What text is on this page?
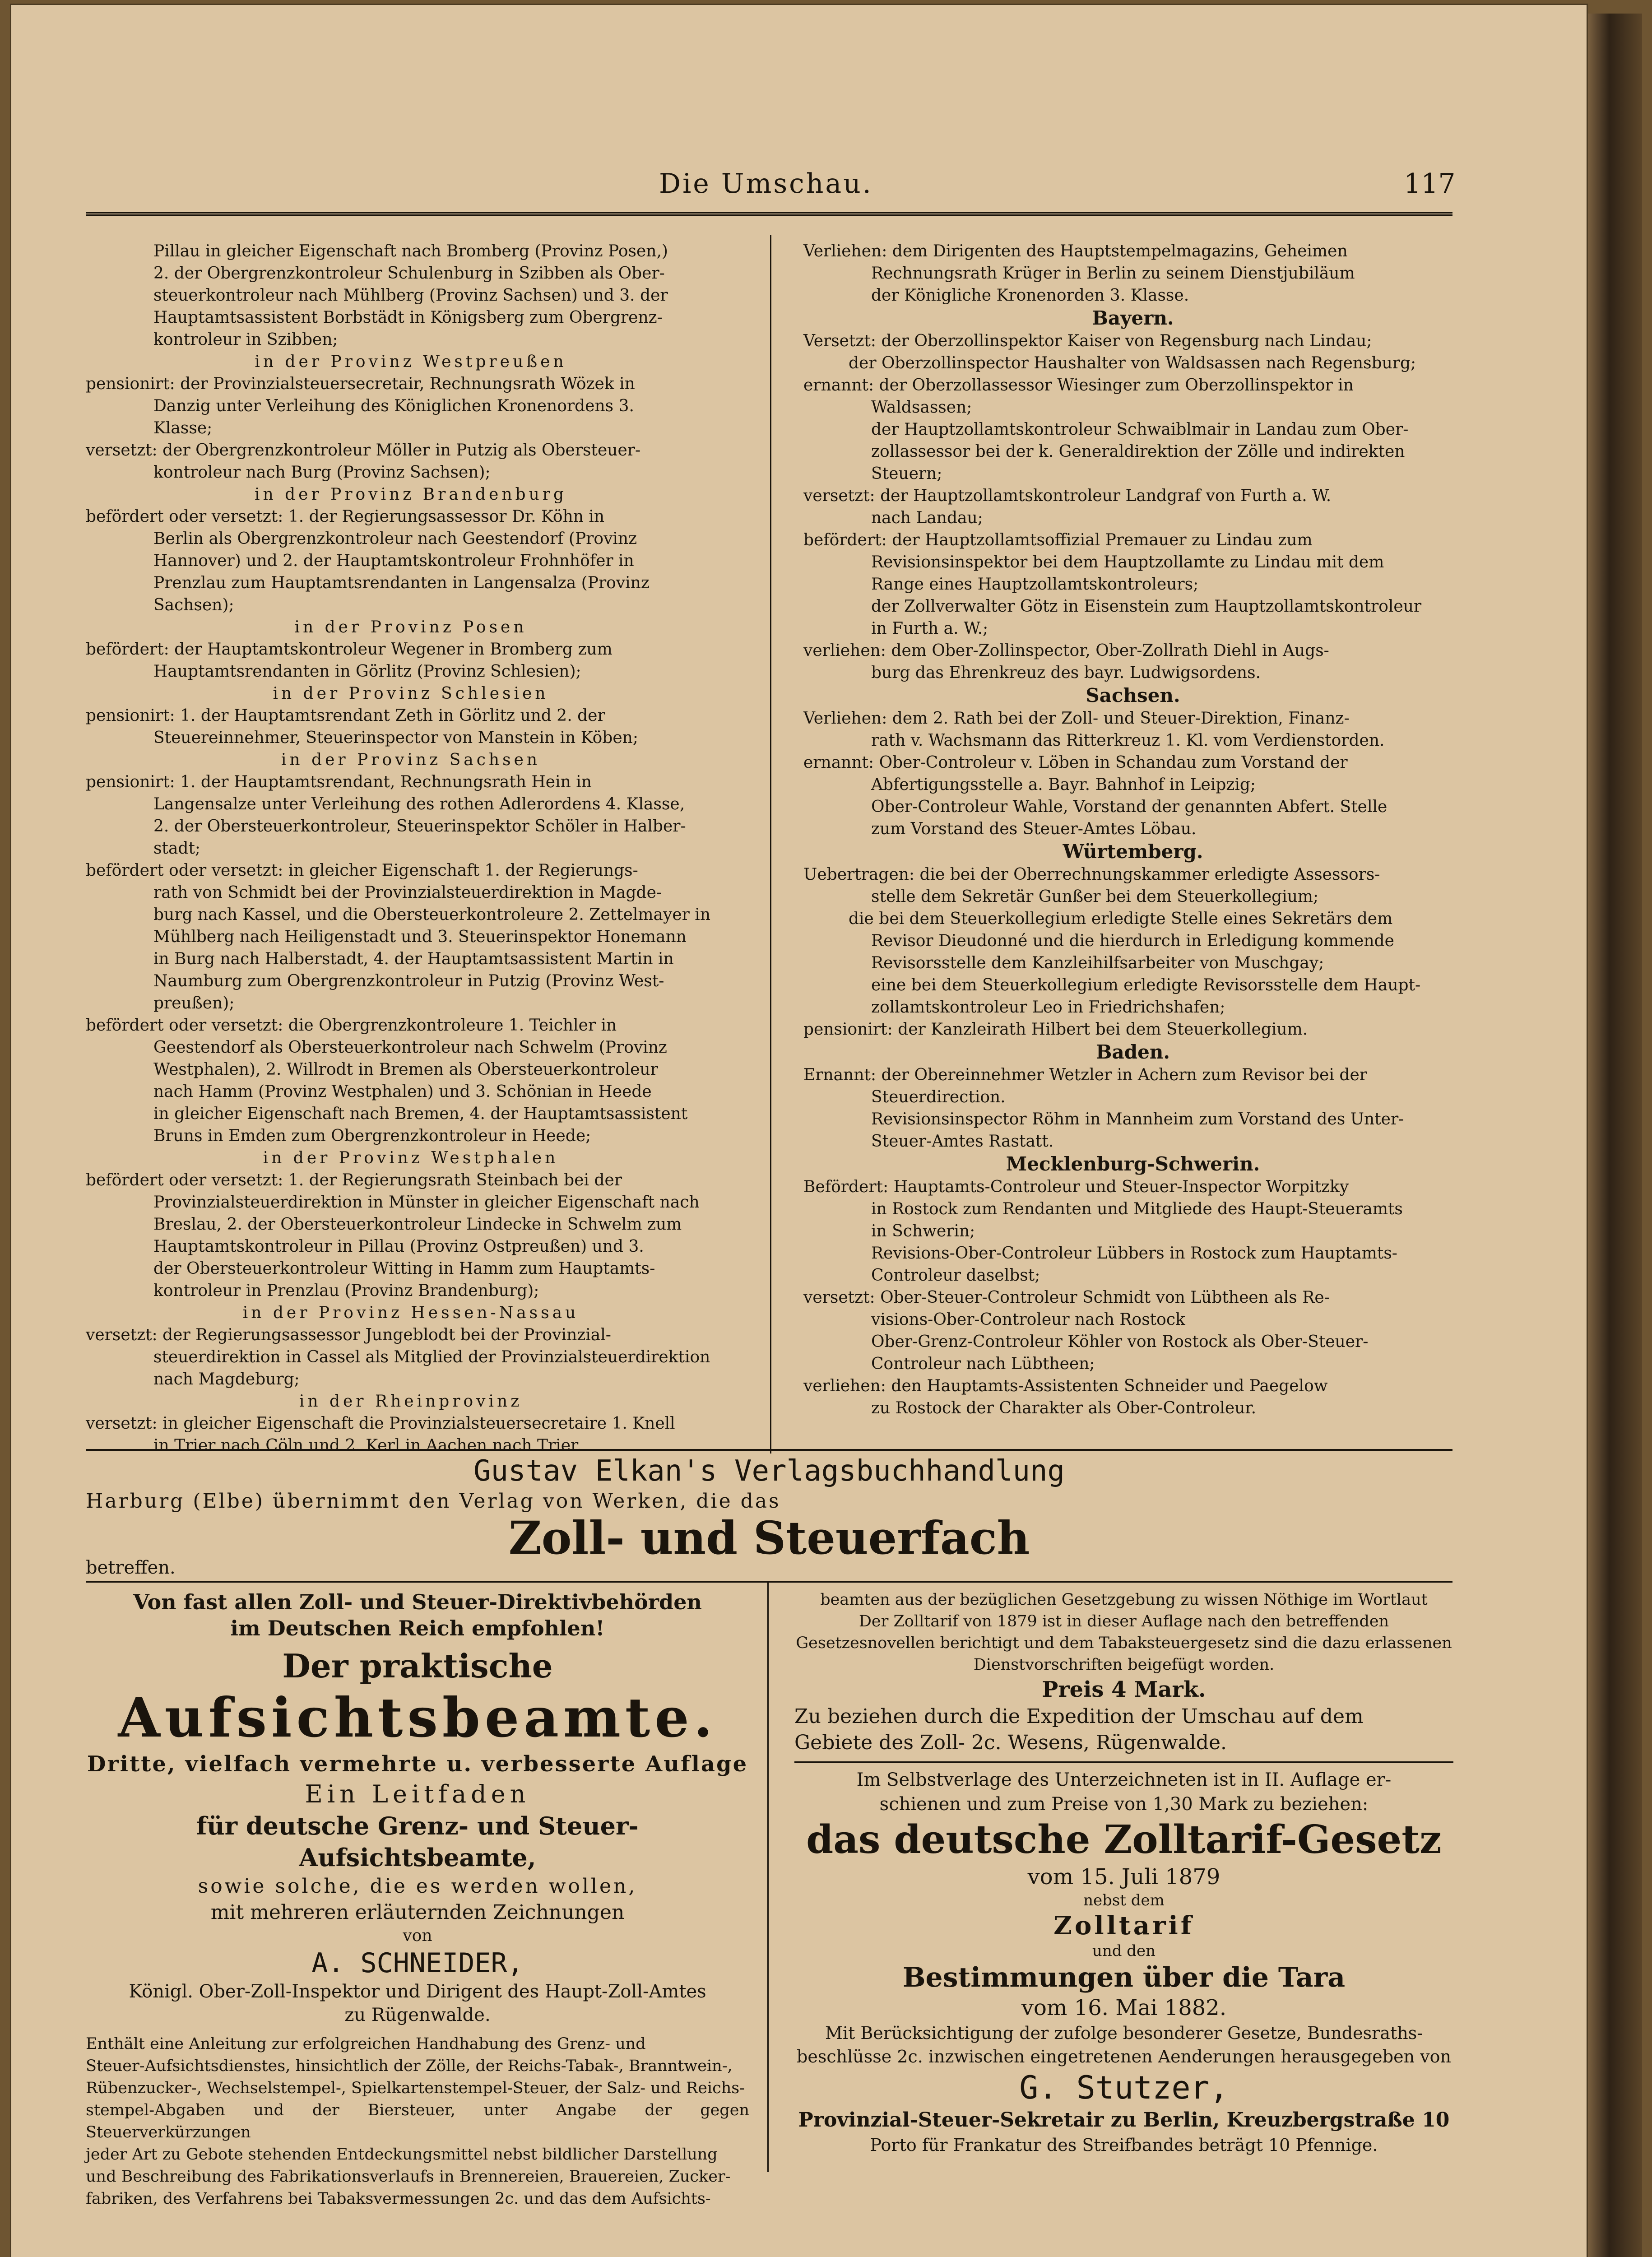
Die Umschau.	117

Pillau in gleicher Eigenschaft nach Bromberg (Provinz Posen,)

2. der Obergrenzkontroleur Schulenburg in Szibben als Ober-

steuerkontroleur nach Mühlberg (Provinz Sachsen) und 3. der

Hauptamtsassistent Borbstädt in Königsberg zum Obergrenz-

kontroleur in Szibben;

in der Provinz Westpreußen

pensionirt: der Provinzialsteuersecretair, Rechnungsrath Wözek in

Danzig unter Verleihung des Königlichen Kronenordens 3.

Klasse;

versetzt: der Obergrenzkontroleur Möller in Putzig als Obersteuer-

kontroleur nach Burg (Provinz Sachsen);

in der Provinz Brandenburg

befördert oder versetzt: 1. der Regierungsassessor Dr. Köhn in

Berlin als Obergrenzkontroleur nach Geestendorf (Provinz

Hannover) und 2. der Hauptamtskontroleur Frohnhöfer in

Prenzlau zum Hauptamtsrendanten in Langensalza (Provinz

Sachsen);

in der Provinz Posen

befördert: der Hauptamtskontroleur Wegener in Bromberg zum

Hauptamtsrendanten in Görlitz (Provinz Schlesien);

in der Provinz Schlesien

pensionirt: 1. der Hauptamtsrendant Zeth in Görlitz und 2. der

Steuereinnehmer, Steuerinspector von Manstein in Köben;

in der Provinz Sachsen

pensionirt: 1. der Hauptamtsrendant, Rechnungsrath Hein in

Langensalze unter Verleihung des rothen Adlerordens 4. Klasse,

2. der Obersteuerkontroleur, Steuerinspektor Schöler in Halber-

stadt;

befördert oder versetzt: in gleicher Eigenschaft 1. der Regierungs-

rath von Schmidt bei der Provinzialsteuerdirektion in Magde-

burg nach Kassel, und die Obersteuerkontroleure 2. Zettelmayer in

Mühlberg nach Heiligenstadt und 3. Steuerinspektor Honemann

in Burg nach Halberstadt, 4. der Hauptamtsassistent Martin in

Naumburg zum Obergrenzkontroleur in Putzig (Provinz West-

preußen);

befördert oder versetzt: die Obergrenzkontroleure 1. Teichler in

Geestendorf als Obersteuerkontroleur nach Schwelm (Provinz

Westphalen), 2. Willrodt in Bremen als Obersteuerkontroleur

nach Hamm (Provinz Westphalen) und 3. Schönian in Heede

in gleicher Eigenschaft nach Bremen, 4. der Hauptamtsassistent

Bruns in Emden zum Obergrenzkontroleur in Heede;

in der Provinz Westphalen

befördert oder versetzt: 1. der Regierungsrath Steinbach bei der

Provinzialsteuerdirektion in Münster in gleicher Eigenschaft nach

Breslau, 2. der Obersteuerkontroleur Lindecke in Schwelm zum

Hauptamtskontroleur in Pillau (Provinz Ostpreußen) und 3.

der Obersteuerkontroleur Witting in Hamm zum Hauptamts-

kontroleur in Prenzlau (Provinz Brandenburg);

in der Provinz Hessen-Nassau

versetzt: der Regierungsassessor Jungeblodt bei der Provinzial-

steuerdirektion in Cassel als Mitglied der Provinzialsteuerdirektion

nach Magdeburg;

in der Rheinprovinz

versetzt: in gleicher Eigenschaft die Provinzialsteuersecretaire 1. Knell

in Trier nach Cöln und 2. Kerl in Aachen nach Trier.

Verliehen: dem Dirigenten des Hauptstempelmagazins, Geheimen

Rechnungsrath Krüger in Berlin zu seinem Dienstjubiläum

der Königliche Kronenorden 3. Klasse.

Bayern.

Versetzt: der Oberzollinspektor Kaiser von Regensburg nach Lindau;

der Oberzollinspector Haushalter von Waldsassen nach Regensburg;

ernannt: der Oberzollassessor Wiesinger zum Oberzollinspektor in

Waldsassen;

der Hauptzollamtskontroleur Schwaiblmair in Landau zum Ober-

zollassessor bei der k. Generaldirektion der Zölle und indirekten

Steuern;

versetzt: der Hauptzollamtskontroleur Landgraf von Furth a. W.

nach Landau;

befördert: der Hauptzollamtsoffizial Premauer zu Lindau zum

Revisionsinspektor bei dem Hauptzollamte zu Lindau mit dem

Range eines Hauptzollamtskontroleurs;

der Zollverwalter Götz in Eisenstein zum Hauptzollamtskontroleur

in Furth a. W.;

verliehen: dem Ober-Zollinspector, Ober-Zollrath Diehl in Augs-

burg das Ehrenkreuz des bayr. Ludwigsordens.

Sachsen.

Verliehen: dem 2. Rath bei der Zoll- und Steuer-Direktion, Finanz-

rath v. Wachsmann das Ritterkreuz 1. Kl. vom Verdienstorden.

ernannt: Ober-Controleur v. Löben in Schandau zum Vorstand der

Abfertigungsstelle a. Bayr. Bahnhof in Leipzig;

Ober-Controleur Wahle, Vorstand der genannten Abfert. Stelle

zum Vorstand des Steuer-Amtes Löbau.

Würtemberg.

Uebertragen: die bei der Oberrechnungskammer erledigte Assessors-

stelle dem Sekretär Gunßer bei dem Steuerkollegium;

die bei dem Steuerkollegium erledigte Stelle eines Sekretärs dem

Revisor Dieudonné und die hierdurch in Erledigung kommende

Revisorsstelle dem Kanzleihilfsarbeiter von Muschgay;

eine bei dem Steuerkollegium erledigte Revisorsstelle dem Haupt-

zollamtskontroleur Leo in Friedrichshafen;

pensionirt: der Kanzleirath Hilbert bei dem Steuerkollegium.

Baden.

Ernannt: der Obereinnehmer Wetzler in Achern zum Revisor bei der

Steuerdirection.

Revisionsinspector Röhm in Mannheim zum Vorstand des Unter-

Steuer-Amtes Rastatt.

Mecklenburg-Schwerin.

Befördert: Hauptamts-Controleur und Steuer-Inspector Worpitzky

in Rostock zum Rendanten und Mitgliede des Haupt-Steueramts

in Schwerin;

Revisions-Ober-Controleur Lübbers in Rostock zum Hauptamts-

Controleur daselbst;

versetzt: Ober-Steuer-Controleur Schmidt von Lübtheen als Re-

visions-Ober-Controleur nach Rostock

Ober-Grenz-Controleur Köhler von Rostock als Ober-Steuer-

Controleur nach Lübtheen;

verliehen: den Hauptamts-Assistenten Schneider und Paegelow

zu Rostock der Charakter als Ober-Controleur.

Gustav Elkan's Verlagsbuchhandlung
Harburg (Elbe) übernimmt den Verlag von Werken, die das
Zoll- und Steuerfach
betreffen.
Von fast allen Zoll- und Steuer-Direktivbehörden
im Deutschen Reich empfohlen!
Der praktische
Aufsichtsbeamte.
Dritte, vielfach vermehrte u. verbesserte Auflage
Ein Leitfaden
für deutsche Grenz- und Steuer-Aufsichtsbeamte,
sowie solche, die es werden wollen,
mit mehreren erläuternden Zeichnungen
von
A. SCHNEIDER,
Königl. Ober-Zoll-Inspektor und Dirigent des Haupt-Zoll-Amtes
zu Rügenwalde.
Enthält eine Anleitung zur erfolgreichen Handhabung des Grenz- und
Steuer-Aufsichtsdienstes, hinsichtlich der Zölle, der Reichs-Tabak-, Branntwein-,
Rübenzucker-, Wechselstempel-, Spielkartenstempel-Steuer, der Salz- und Reichs-
stempel-Abgaben und der Biersteuer, unter Angabe der gegen Steuerverkürzungen
jeder Art zu Gebote stehenden Entdeckungsmittel nebst bildlicher Darstellung
und Beschreibung des Fabrikationsverlaufs in Brennereien, Brauereien, Zucker-
fabriken, des Verfahrens bei Tabaksvermessungen 2c. und das dem Aufsichts-
beamten aus der bezüglichen Gesetzgebung zu wissen Nöthige im Wortlaut
Der Zolltarif von 1879 ist in dieser Auflage nach den betreffenden
Gesetzesnovellen berichtigt und dem Tabaksteuergesetz sind die dazu erlassenen
Dienstvorschriften beigefügt worden.
Preis 4 Mark.
Zu beziehen durch die Expedition der Umschau auf dem
Gebiete des Zoll- 2c. Wesens, Rügenwalde.
Im Selbstverlage des Unterzeichneten ist in II. Auflage er-
schienen und zum Preise von 1,30 Mark zu beziehen:
das deutsche Zolltarif-Gesetz
vom 15. Juli 1879
nebst dem
Zolltarif
und den
Bestimmungen über die Tara
vom 16. Mai 1882.
Mit Berücksichtigung der zufolge besonderer Gesetze, Bundesraths-
beschlüsse 2c. inzwischen eingetretenen Aenderungen herausgegeben von
G. Stutzer,
Provinzial-Steuer-Sekretair zu Berlin, Kreuzbergstraße 10
Porto für Frankatur des Streifbandes beträgt 10 Pfennige.
